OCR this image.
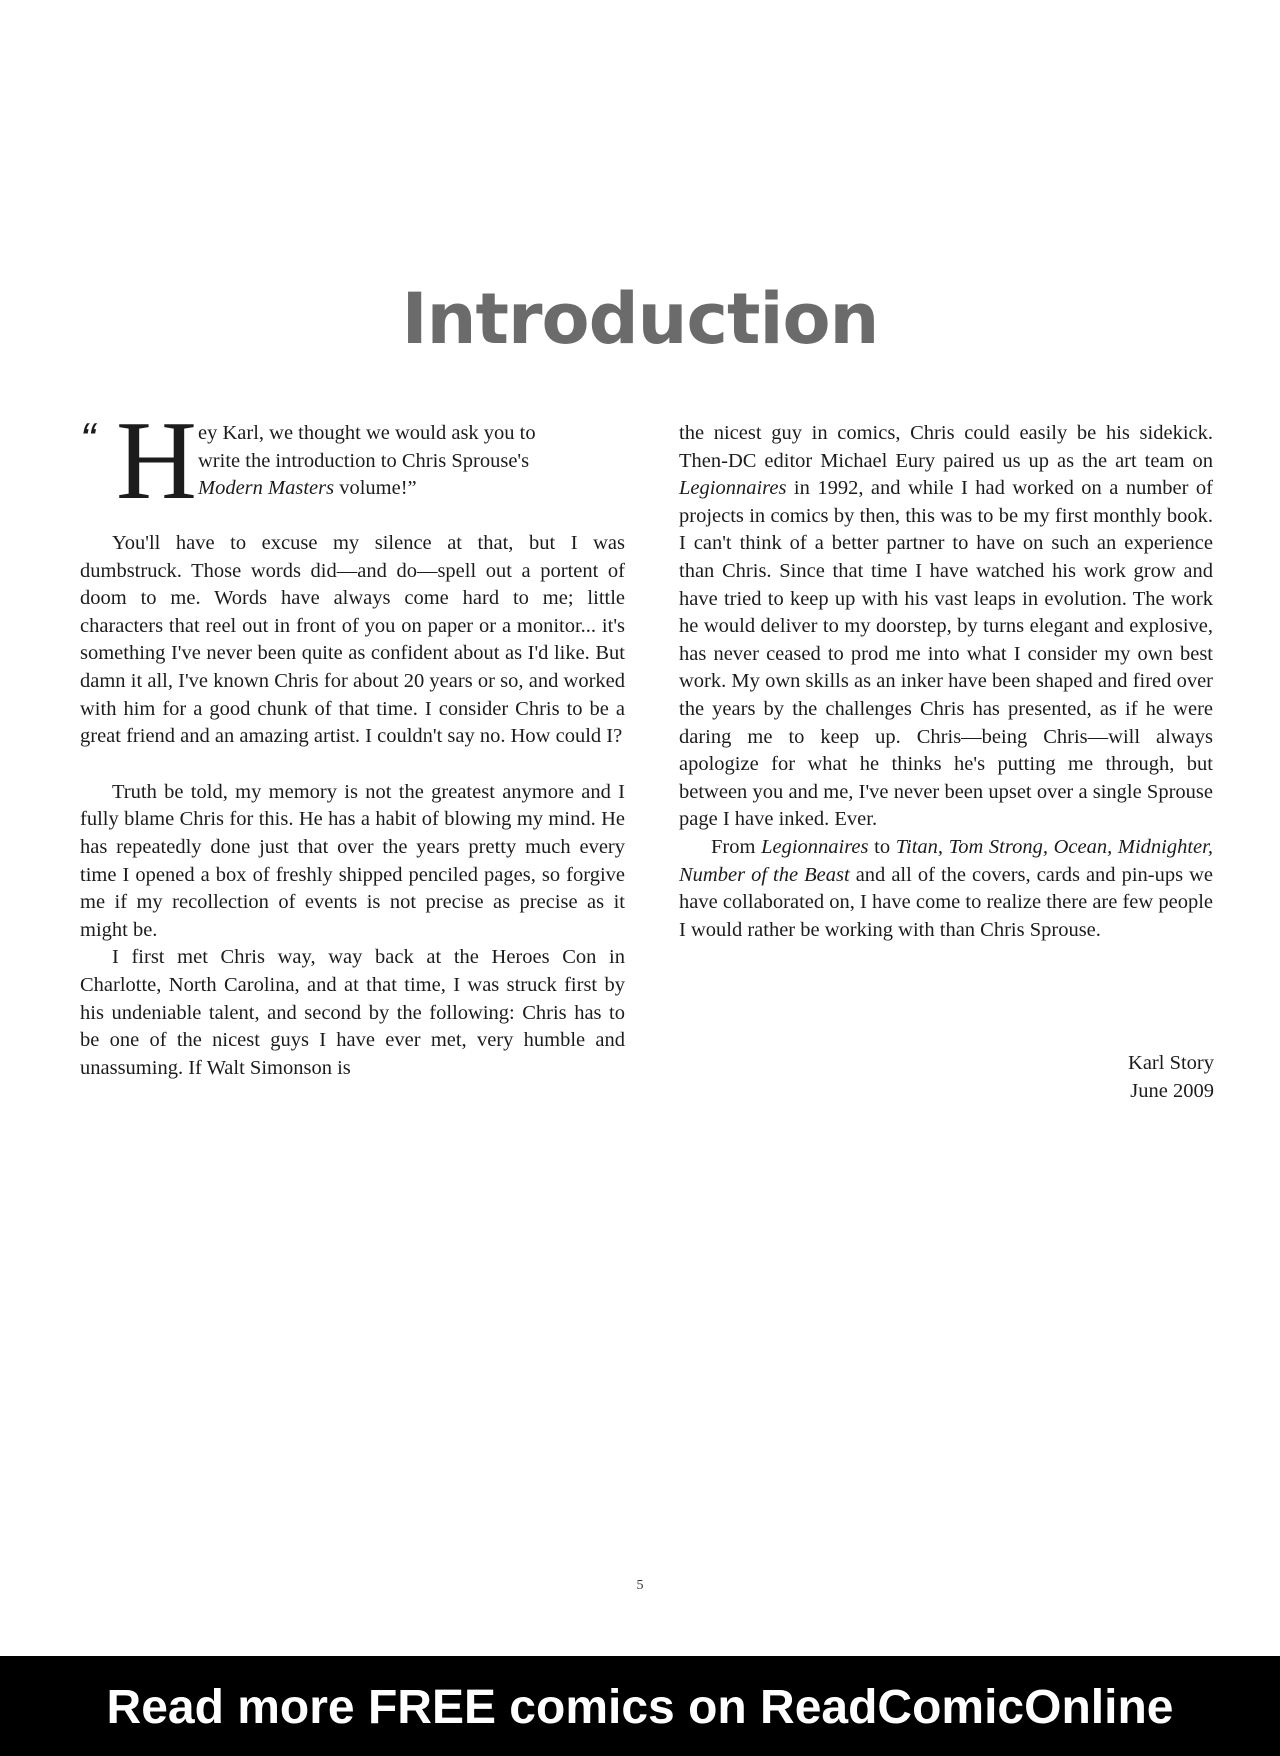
Introduction
“ H ey Karl, we thought we would ask you to
write the introduction to Chris Sprouse's
Modern Masters volume!”

You'll have to excuse my silence at that, but I was dumbstruck. Those words did—and do—spell out a portent of doom to me. Words have always come hard to me; little characters that reel out in front of you on paper or a monitor... it's something I've never been quite as confident about as I'd like. But damn it all, I've known Chris for about 20 years or so, and worked with him for a good chunk of that time. I consider Chris to be a great friend and an amazing artist. I couldn't say no. How could I?

Truth be told, my memory is not the greatest anymore and I fully blame Chris for this. He has a habit of blowing my mind. He has repeatedly done just that over the years pretty much every time I opened a box of freshly shipped penciled pages, so forgive me if my recollection of events is not precise as precise as it might be.

I first met Chris way, way back at the Heroes Con in Charlotte, North Carolina, and at that time, I was struck first by his undeniable talent, and second by the following: Chris has to be one of the nicest guys I have ever met, very humble and unassuming. If Walt Simonson is

the nicest guy in comics, Chris could easily be his sidekick. Then-DC editor Michael Eury paired us up as the art team on Legionnaires in 1992, and while I had worked on a number of projects in comics by then, this was to be my first monthly book. I can't think of a better partner to have on such an experience than Chris. Since that time I have watched his work grow and have tried to keep up with his vast leaps in evolution. The work he would deliver to my doorstep, by turns elegant and explosive, has never ceased to prod me into what I consider my own best work. My own skills as an inker have been shaped and fired over the years by the challenges Chris has presented, as if he were daring me to keep up. Chris—being Chris—will always apologize for what he thinks he's putting me through, but between you and me, I've never been upset over a single Sprouse page I have inked. Ever.

From Legionnaires to Titan, Tom Strong, Ocean, Midnighter, Number of the Beast and all of the covers, cards and pin-ups we have collaborated on, I have come to realize there are few people I would rather be working with than Chris Sprouse.

Karl Story
June 2009
5
Read more FREE comics on ReadComicOnline
